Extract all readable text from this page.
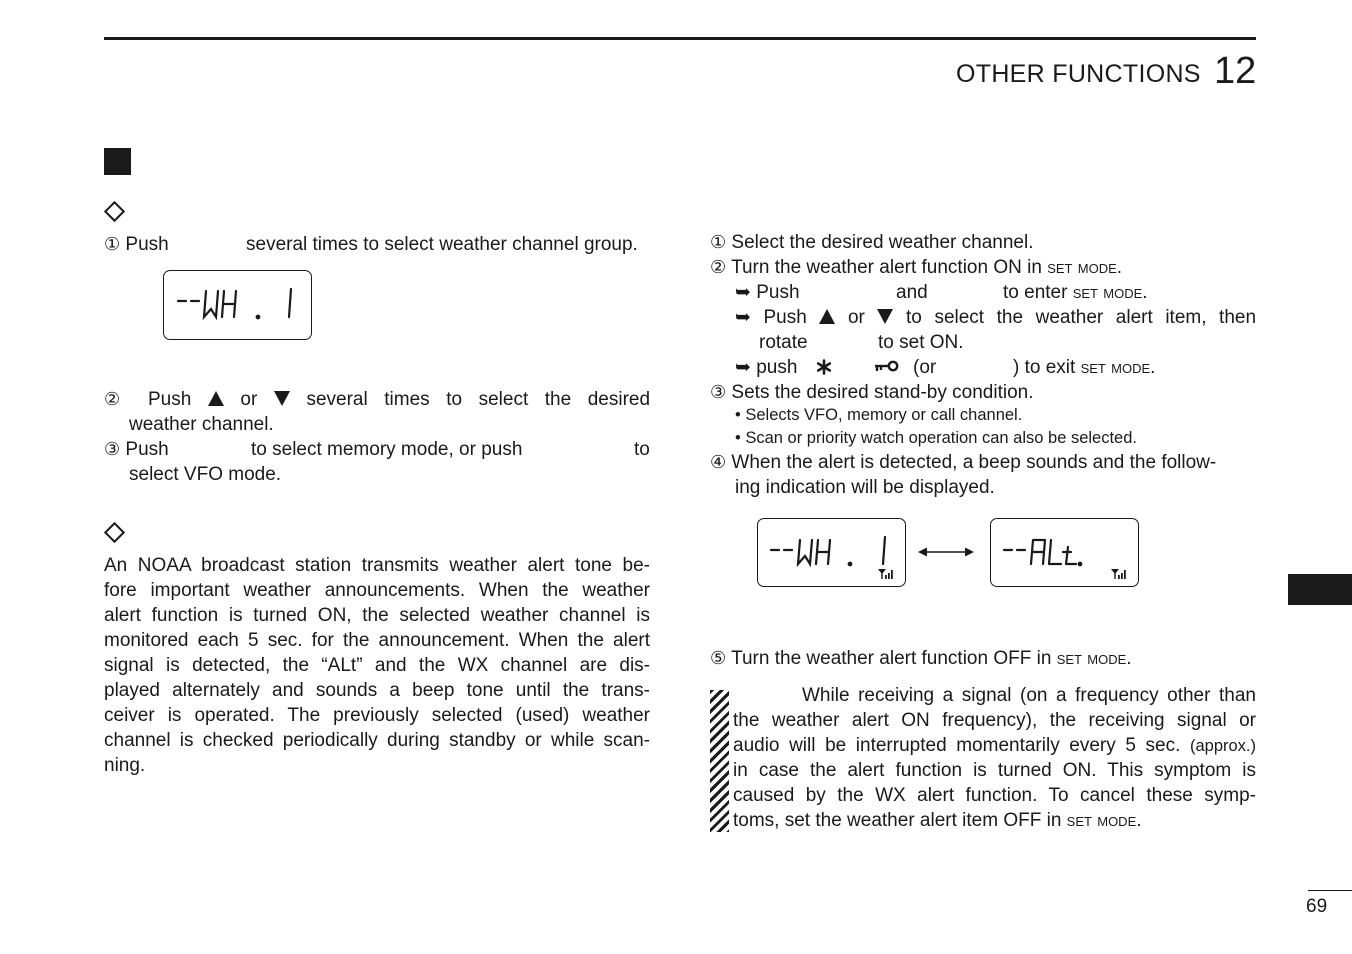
OTHER FUNCTIONS 12
① Push	several times to select weather channel group.
② Push	or	several times to select the desired
weather channel.
③ Push	to select memory mode, or push	to
select VFO mode.
An NOAA broadcast station transmits weather alert tone be-
fore important weather announcements. When the weather
alert function is turned ON, the selected weather channel is
monitored each 5 sec. for the announcement. When the alert
signal is detected, the “ALt” and the WX channel are dis-
played alternately and sounds a beep tone until the trans-
ceiver is operated. The previously selected (used) weather
channel is checked periodically during standby or while scan-
ning.
① Select the desired weather channel.
② Turn the weather alert function ON in set mode.
➥ Push	and	to enter set mode.
➥ Push or to select the weather alert item, then
rotate	to set ON.
➥ push	(or	) to exit set mode.
③ Sets the desired stand-by condition.
• Selects VFO, memory or call channel.
• Scan or priority watch operation can also be selected.
④ When the alert is detected, a beep sounds and the follow-
ing indication will be displayed.
⑤ Turn the weather alert function OFF in set mode.
While receiving a signal (on a frequency other than
the weather alert ON frequency), the receiving signal or
audio will be interrupted momentarily every 5 sec. (approx.)
in case the alert function is turned ON. This symptom is
caused by the WX alert function. To cancel these symp-
toms, set the weather alert item OFF in set mode.
69
